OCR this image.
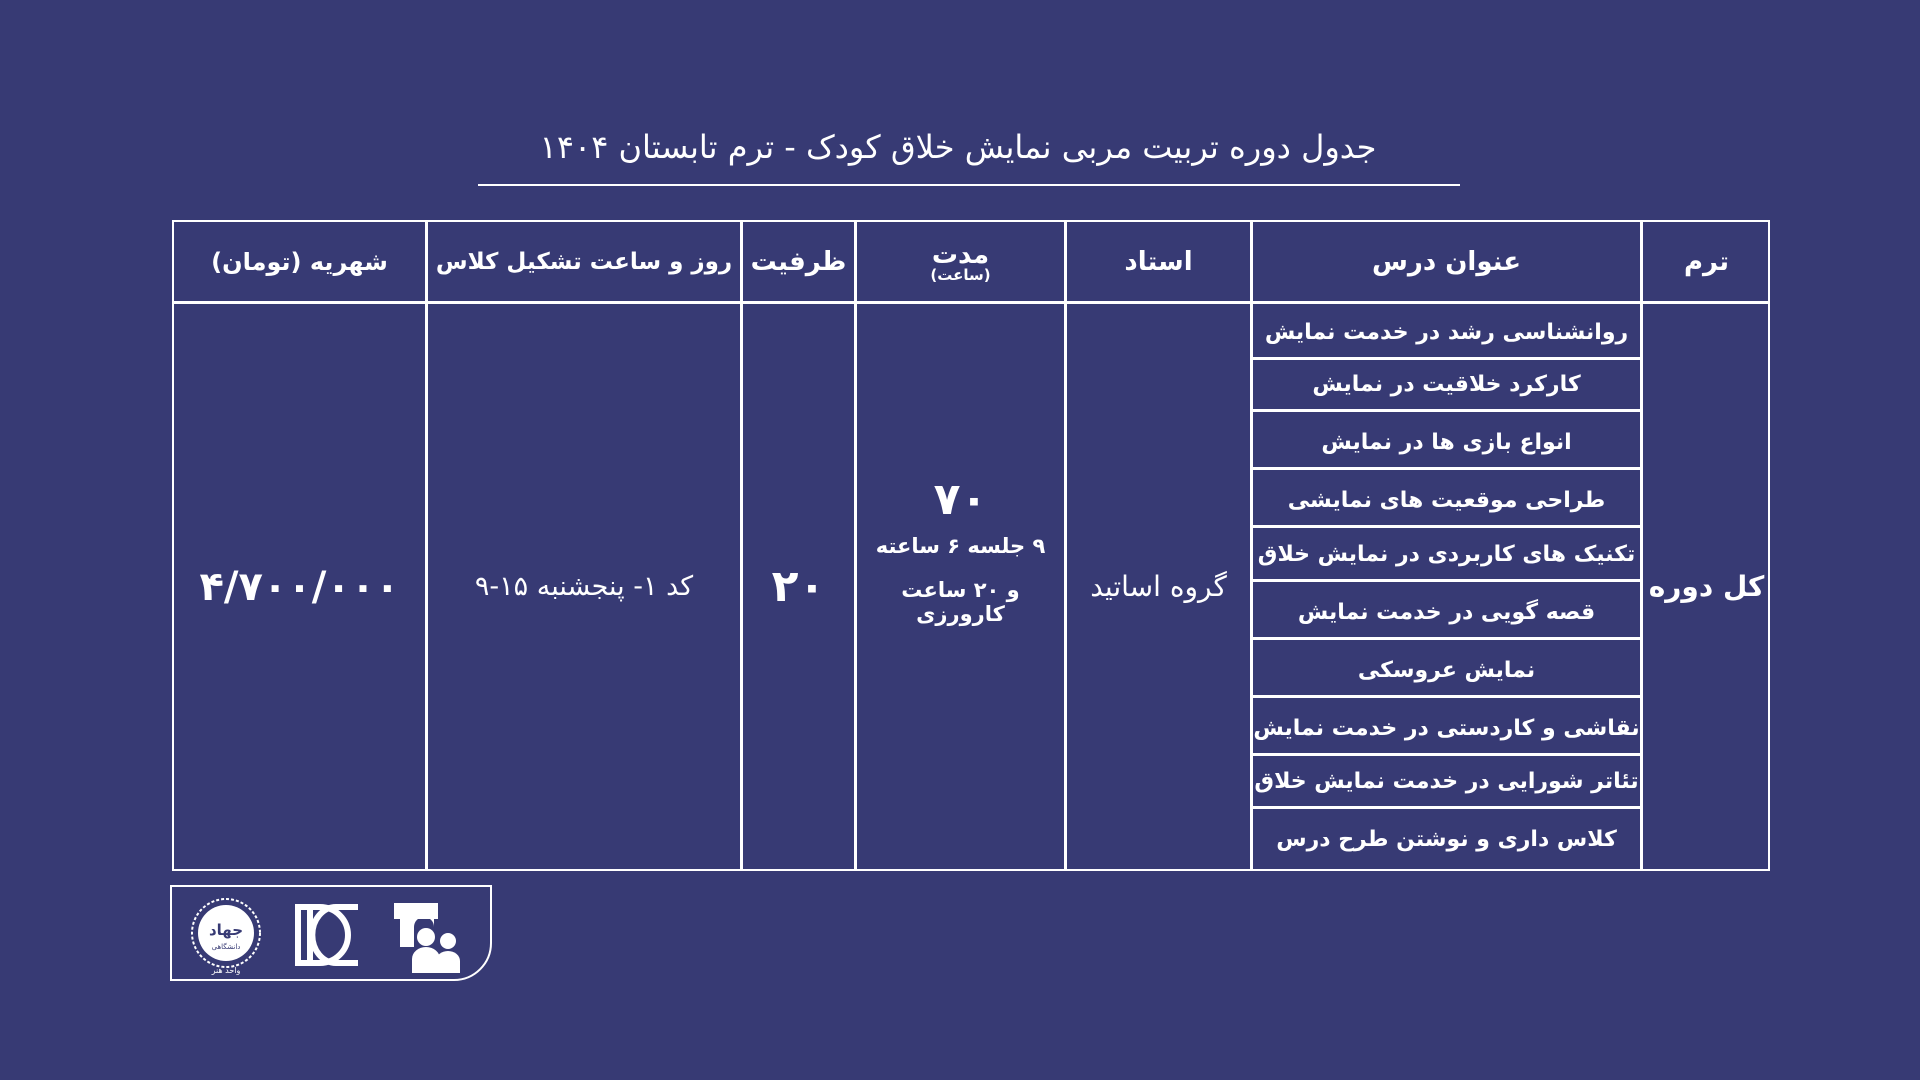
جدول دوره تربیت مربی نمایش خلاق کودک - ترم تابستان ۱۴۰۴
ترم
عنوان درس
استاد
مدت
(ساعت)
ظرفیت
روز و ساعت تشکیل کلاس
شهریه (تومان)
کل دوره
روانشناسی رشد در خدمت نمایش
کارکرد خلاقیت در نمایش
انواع بازی ها در نمایش
طراحی موقعیت های نمایشی
تکنیک های کاربردی در نمایش خلاق
قصه گویی در خدمت نمایش
نمایش عروسکی
نقاشی و کاردستی در خدمت نمایش
تئاتر شورایی در خدمت نمایش خلاق
کلاس داری و نوشتن طرح درس
گروه اساتید
۷۰
۹ جلسه ۶ ساعته
و ۲۰ ساعت کارورزی
۲۰
کد ۱- پنجشنبه ۱۵-۹
۴/۷۰۰/۰۰۰
جهاد
دانشگاهی
واحد هنر
